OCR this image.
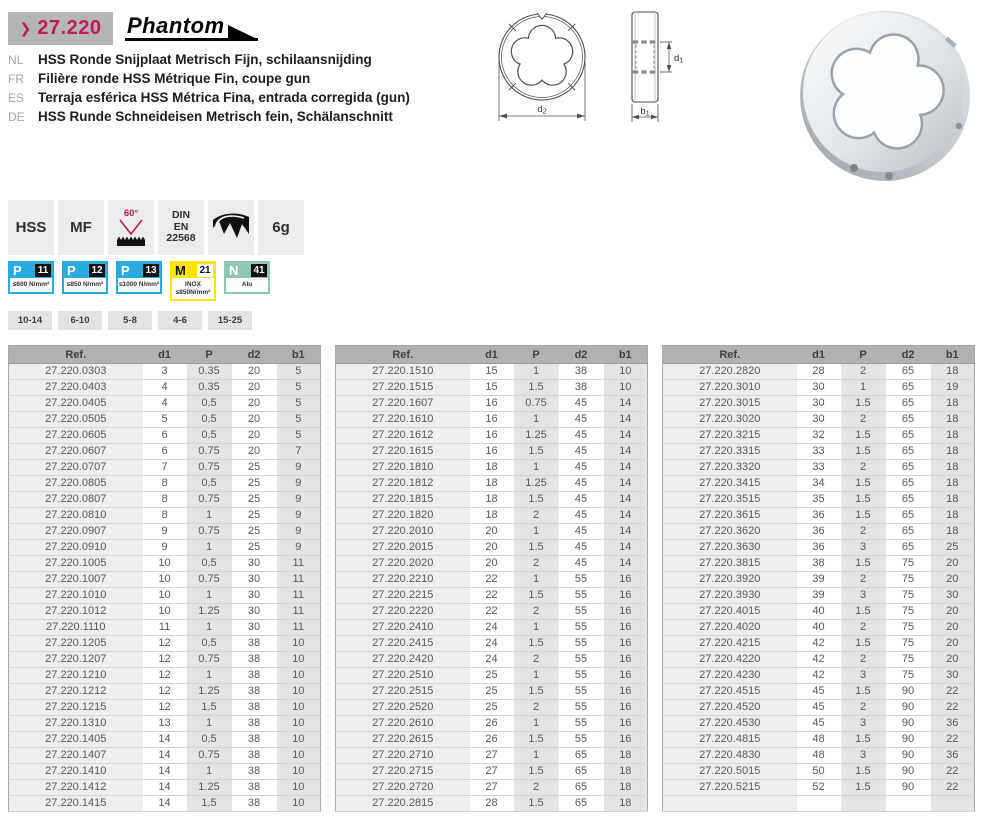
❯ 27.220 Phantom
NL	HSS Ronde Snijplaat Metrisch Fijn, schilaansnijding
FR	Filière ronde HSS Métrique Fin, coupe gun
ES	Terraja esférica HSS Métrica Fina, entrada corregida (gun)
DE HSS Runde Schneideisen Metrisch fein, Schälanschnitt	d2
d1
b1
HSS MF
60°	DIN
EN
22568
6g
P 11
≤600 N/mm²
P 12
≤850 N/mm²
P 13
≤1000 N/mm²
M 21
INOX
≤850N/mm²
N 41
Alu
10-14	6-10	5-8	4-6	15-25
Ref.	d1	P	d2	b1
27.220.0303	3	0.35	20	5
27.220.0403	4	0.35	20	5
27.220.0405	4	0.5	20	5
27.220.0505	5	0.5	20	5
27.220.0605	6	0.5	20	5
27.220.0607	6	0.75	20	7
27.220.0707	7	0.75	25	9
27.220.0805	8	0.5	25	9
27.220.0807	8	0.75	25	9
27.220.0810	8	1	25	9
27.220.0907	9	0.75	25	9
27.220.0910	9	1	25	9
27.220.1005	10	0.5	30	11
27.220.1007	10	0.75	30	11
27.220.1010	10	1	30	11
27.220.1012	10	1.25	30	11
27.220.1110	11	1	30	11
27.220.1205	12	0.5	38	10
27.220.1207	12	0.75	38	10
27.220.1210	12	1	38	10
27.220.1212	12	1.25	38	10
27.220.1215	12	1.5	38	10
27.220.1310	13	1	38	10
27.220.1405	14	0.5	38	10
27.220.1407	14	0.75	38	10
27.220.1410	14	1	38	10
27.220.1412	14	1.25	38	10
27.220.1415	14	1.5	38	10
Ref.	d1	P	d2	b1
27.220.1510	15	1	38	10
27.220.1515	15	1.5	38	10
27.220.1607	16	0.75	45	14
27.220.1610	16	1	45	14
27.220.1612	16	1.25	45	14
27.220.1615	16	1.5	45	14
27.220.1810	18	1	45	14
27.220.1812	18	1.25	45	14
27.220.1815	18	1.5	45	14
27.220.1820	18	2	45	14
27.220.2010	20	1	45	14
27.220.2015	20	1.5	45	14
27.220.2020	20	2	45	14
27.220.2210	22	1	55	16
27.220.2215	22	1.5	55	16
27.220.2220	22	2	55	16
27.220.2410	24	1	55	16
27.220.2415	24	1.5	55	16
27.220.2420	24	2	55	16
27.220.2510	25	1	55	16
27.220.2515	25	1.5	55	16
27.220.2520	25	2	55	16
27.220.2610	26	1	55	16
27.220.2615	26	1.5	55	16
27.220.2710	27	1	65	18
27.220.2715	27	1.5	65	18
27.220.2720	27	2	65	18
27.220.2815	28	1.5	65	18
Ref.	d1	P	d2	b1
27.220.2820	28	2	65	18
27.220.3010	30	1	65	19
27.220.3015	30	1.5	65	18
27.220.3020	30	2	65	18
27.220.3215	32	1.5	65	18
27.220.3315	33	1.5	65	18
27.220.3320	33	2	65	18
27.220.3415	34	1.5	65	18
27.220.3515	35	1.5	65	18
27.220.3615	36	1.5	65	18
27.220.3620	36	2	65	18
27.220.3630	36	3	65	25
27.220.3815	38	1.5	75	20
27.220.3920	39	2	75	20
27.220.3930	39	3	75	30
27.220.4015	40	1.5	75	20
27.220.4020	40	2	75	20
27.220.4215	42	1.5	75	20
27.220.4220	42	2	75	20
27.220.4230	42	3	75	30
27.220.4515	45	1.5	90	22
27.220.4520	45	2	90	22
27.220.4530	45	3	90	36
27.220.4815	48	1.5	90	22
27.220.4830	48	3	90	36
27.220.5015	50	1.5	90	22
27.220.5215	52	1.5	90	22
